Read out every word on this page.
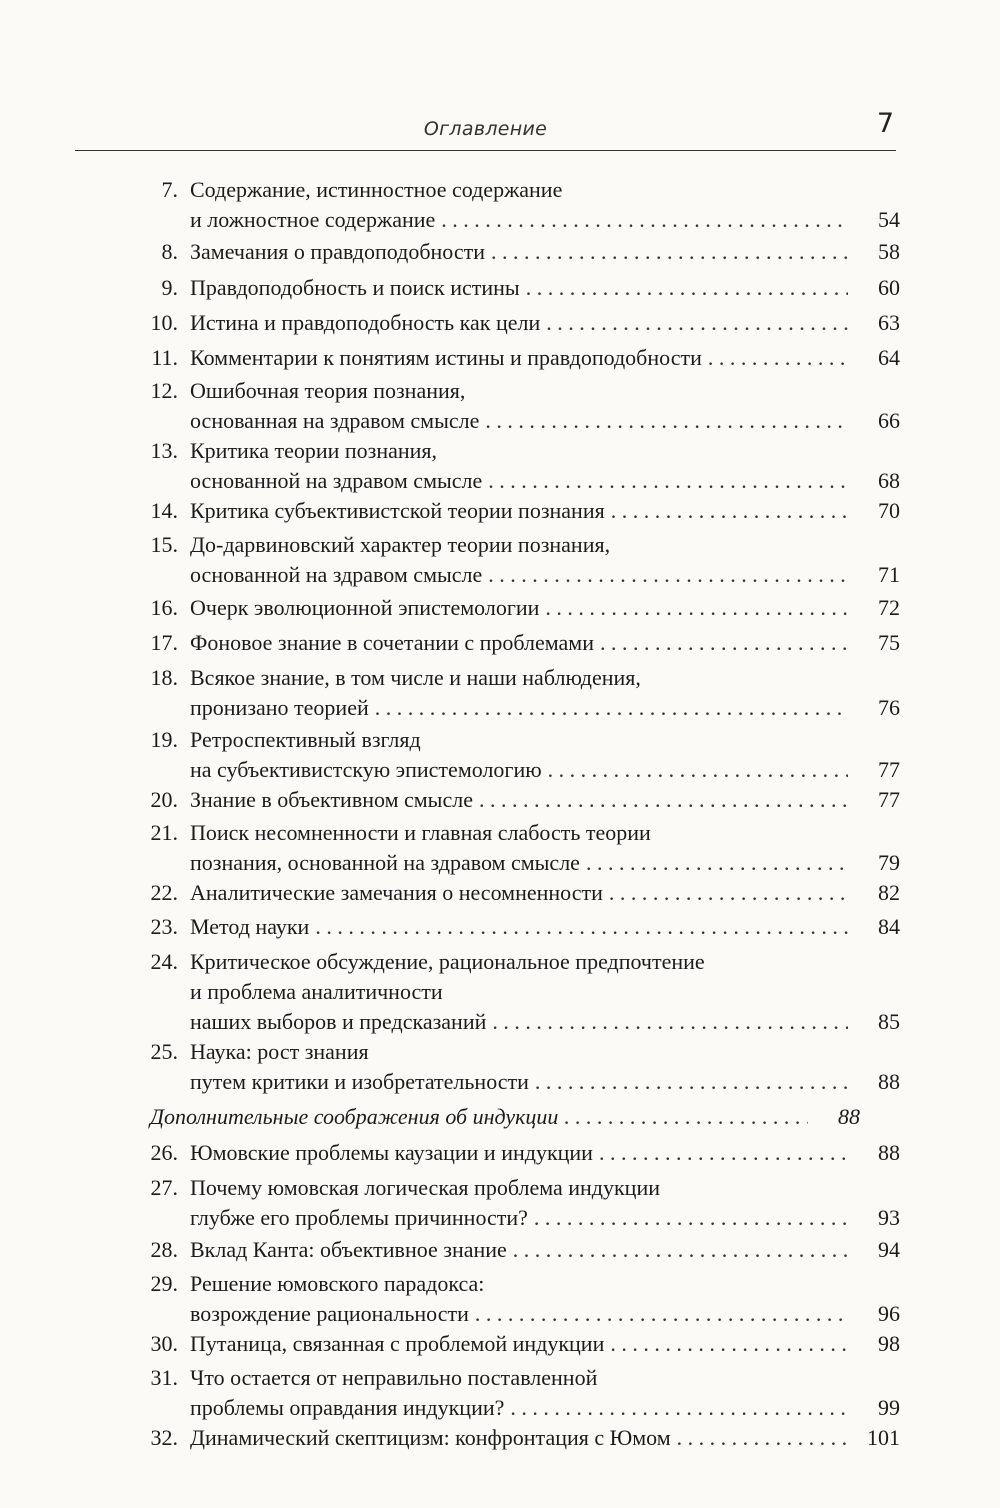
Оглавление	7
7. Содержание, истинностное содержание
и ложностное содержание . . .	54
8. Замечания о правдоподобности . . .	58
9. Правдоподобность и поиск истины . . .	60
10. Истина и правдоподобность как цели . . .	63
11. Комментарии к понятиям истины и правдоподобности . . .	64
12. Ошибочная теория познания,
основанная на здравом смысле . . .	66
13. Критика теории познания,
основанной на здравом смысле . . .	68
14. Критика субъективистской теории познания . . .	70
15. До-дарвиновский характер теории познания,
основанной на здравом смысле . . .	71
16. Очерк эволюционной эпистемологии . . .	72
17. Фоновое знание в сочетании с проблемами . . .	75
18. Всякое знание, в том числе и наши наблюдения,
пронизано теорией . . .	76
19. Ретроспективный взгляд
на субъективистскую эпистемологию . . .	77
20. Знание в объективном смысле . . .	77
21. Поиск несомненности и главная слабость теории
познания, основанной на здравом смысле . . .	79
22. Аналитические замечания о несомненности . . .	82
23. Метод науки . . .	84
24. Критическое обсуждение, рациональное предпочтение
и проблема аналитичности
наших выборов и предсказаний . . .	85
25. Наука: рост знания
путем критики и изобретательности . . .	88
Дополнительные соображения об индукции . . .	88
26. Юмовские проблемы каузации и индукции . . .	88
27. Почему юмовская логическая проблема индукции
глубже его проблемы причинности? . . .	93
28. Вклад Канта: объективное знание . . .	94
29. Решение юмовского парадокса:
возрождение рациональности . . .	96
30. Путаница, связанная с проблемой индукции . . .	98
31. Что остается от неправильно поставленной
проблемы оправдания индукции? . . .	99
32. Динамический скептицизм: конфронтация с Юмом . . .	101
